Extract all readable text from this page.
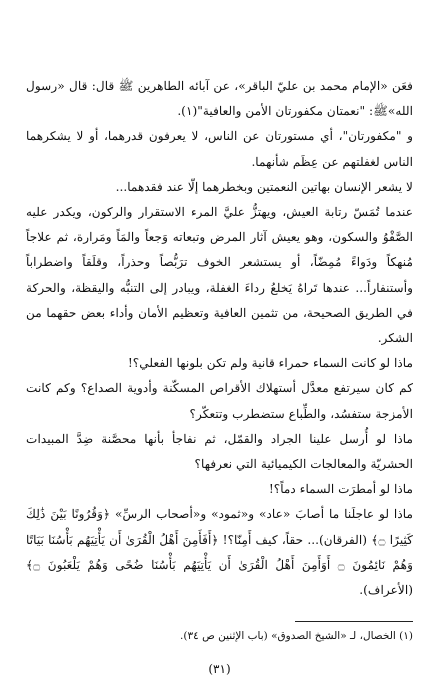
فعَن «الإمام محمد بن عليّ الباقر»، عن آبائه الطاهرين ﷺ قال: قال «رسول الله»ﷺ: "نعمتان مكفورتان الأمن والعافية"(١).

و "مكفورتان"، أي مستورتان عن الناس، لا يعرفون قدرهما، أو لا يشكرهما الناس لغفلتهم عن عِظَم شأنهما.

لا يشعر الإنسان بهاتين النعمتين وبخطرهما إلّا عند فقدهما...

عندما تُمَسّ رتابة العيش، ويهتزُّ عليَّ المرء الاستقرار والركون، ويكدر عليه الصَّفْوُ والسكون، وهو يعيش آثار المرض وتبعاته وَجعاً والمَاً ومَرارة، ثم علاجاً مُنهكاً ودَواءً مُمِضّاً، أو يستشعر الخوف ترَبُّصاً وحذراً، وقلَقاً واضطراباً وأستنفاراً... عندها تَراهُ يَخلعُ رداءَ الغفلة، ويبادر إلى التنبُّه واليقظة، والحركة في الطريق الصحيحة، من تثمين العافية وتعظيم الأمان وأداء بعض حقهما من الشكر.

ماذا لو كانت السماء حمراء قانية ولم تكن بلونها الفعلي؟!

كم كان سيرتفع معدَّل أستهلاك الأقراص المسكّنة وأدوية الصداع؟ وكم كانت الأمزجة ستفسُد، والطِّباع ستضطرب وتتعكّر؟

ماذا لو أُرسل علينا الجراد والقمّل، ثم نفاجأ بأنها محصَّنة ضِدَّ المبيدات الحشريّة والمعالجات الكيميائية التي نعرفها؟

ماذا لو أمطرَت السماء دماً؟!

ماذا لو عاجلَنا ما أصابَ «عاد» و«ثمود» و«أصحاب الرسِّ» ﴿وَقُرُونًا بَيْنَ ذَٰلِكَ كَثِيرًا ۝﴾ (الفرقان)... حقاً، كيف أَمِنّا؟! ﴿أَفَأَمِنَ أَهْلُ الْقُرَىٰ أَن يَأْتِيَهُم بَأْسُنَا بَيَاتًا وَهُمْ نَائِمُونَ ۝ أَوَأَمِنَ أَهْلُ الْقُرَىٰ أَن يَأْتِيَهُم بَأْسُنَا ضُحًى وَهُمْ يَلْعَبُونَ ۝﴾ (الأعراف).

(١) الخصال، لـ «الشيخ الصدوق» (باب الإثنين ص ٣٤).
(٣١)
